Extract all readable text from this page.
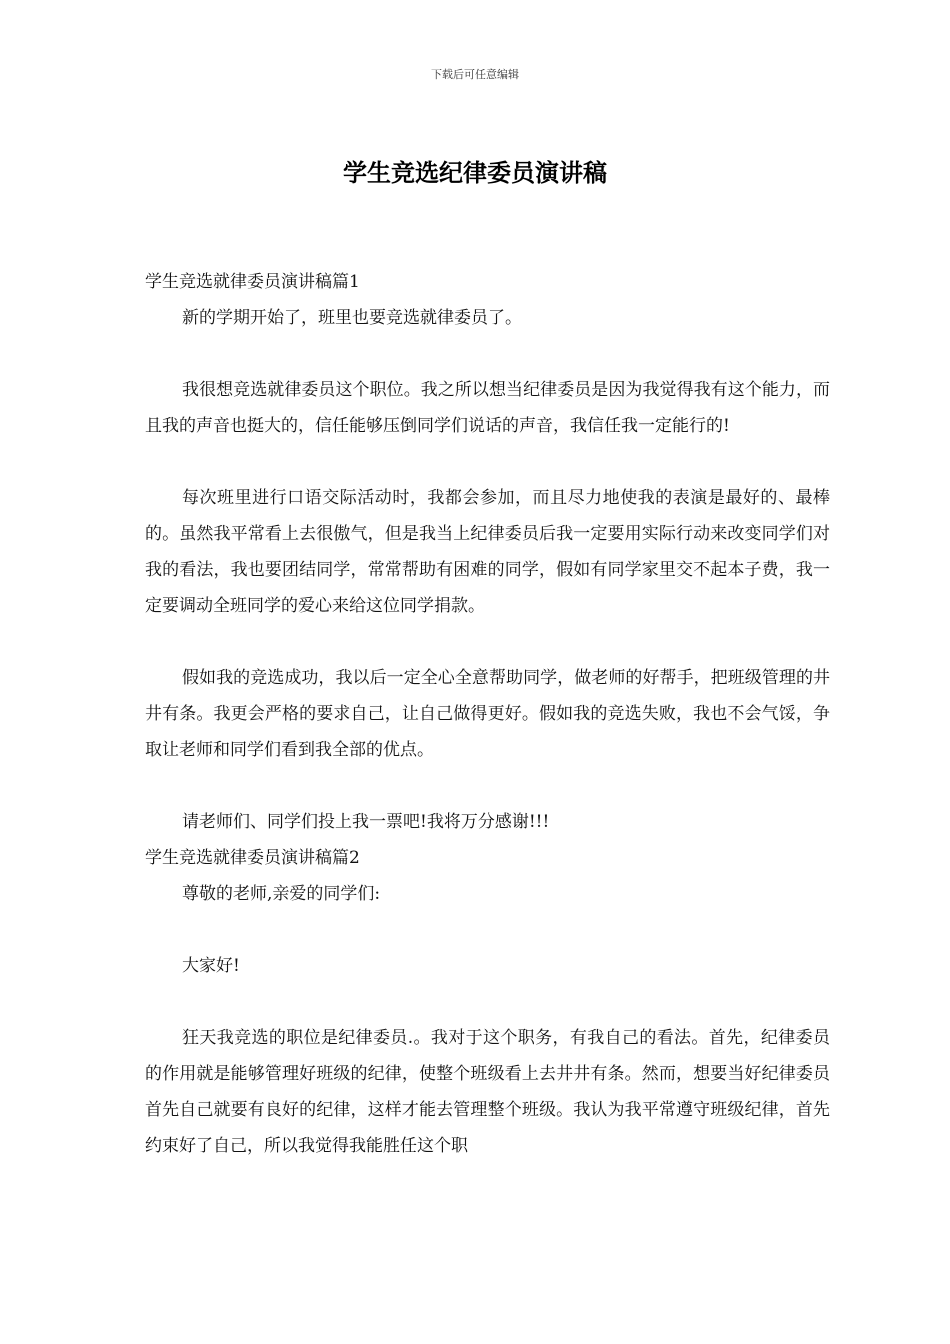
下载后可任意编辑
学生竞选纪律委员演讲稿

学生竞选就律委员演讲稿篇1

新的学期开始了，班里也要竞选就律委员了。

我很想竞选就律委员这个职位。我之所以想当纪律委员是因为我觉得我有这个能力，而且我的声音也挺大的，信任能够压倒同学们说话的声音，我信任我一定能行的!

每次班里进行口语交际活动时，我都会参加，而且尽力地使我的表演是最好的、最棒的。虽然我平常看上去很傲气，但是我当上纪律委员后我一定要用实际行动来改变同学们对我的看法，我也要团结同学，常常帮助有困难的同学，假如有同学家里交不起本子费，我一定要调动全班同学的爱心来给这位同学捐款。

假如我的竞选成功，我以后一定全心全意帮助同学，做老师的好帮手，把班级管理的井井有条。我更会严格的要求自己，让自己做得更好。假如我的竞选失败，我也不会气馁，争取让老师和同学们看到我全部的优点。

请老师们、同学们投上我一票吧!我将万分感谢!!!

学生竞选就律委员演讲稿篇2

尊敬的老师,亲爱的同学们:

大家好!

狂天我竞选的职位是纪律委员.。我对于这个职务，有我自己的看法。首先，纪律委员的作用就是能够管理好班级的纪律，使整个班级看上去井井有条。然而，想要当好纪律委员首先自己就要有良好的纪律，这样才能去管理整个班级。我认为我平常遵守班级纪律，首先约束好了自己，所以我觉得我能胜任这个职
